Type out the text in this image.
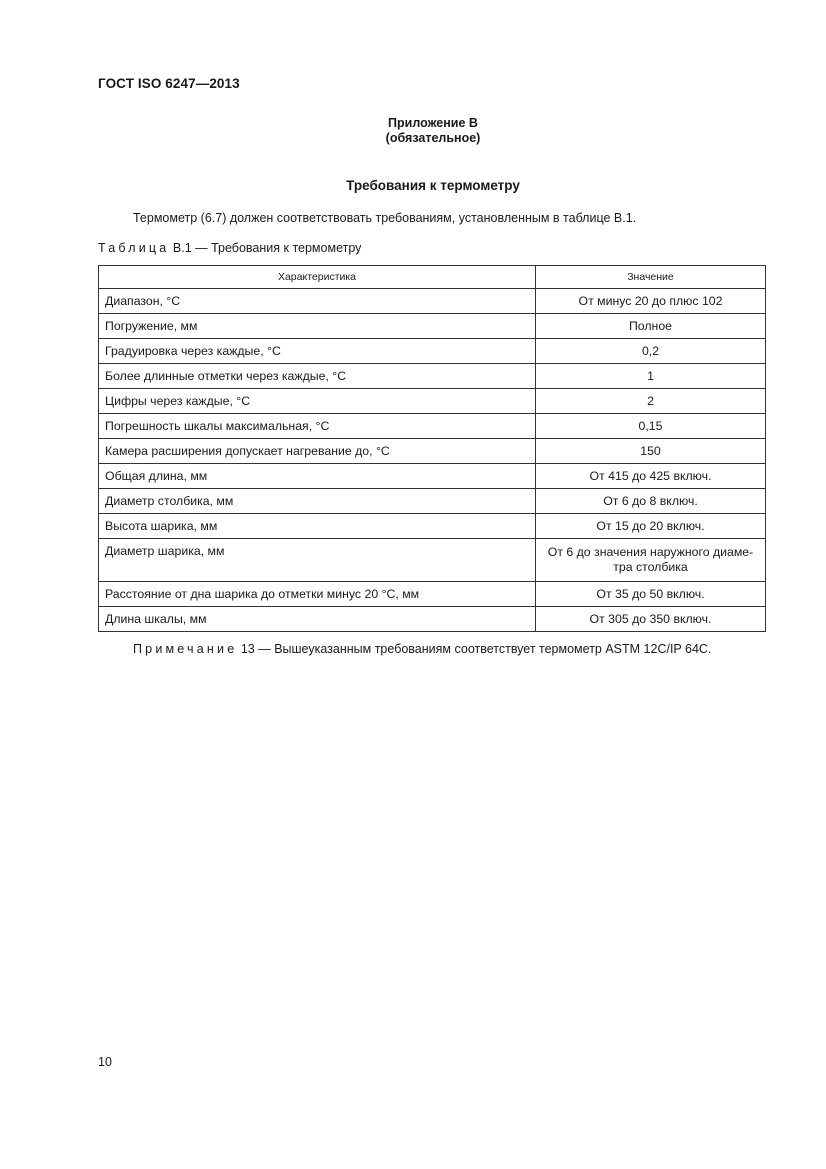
ГОСТ ISO 6247—2013
Приложение В
(обязательное)
Требования к термометру
Термометр (6.7) должен соответствовать требованиям, установленным в таблице В.1.
Таблица В.1 — Требования к термометру
Характеристика	Значение
Диапазон, °С	От минус 20 до плюс 102
Погружение, мм	Полное
Градуировка через каждые, °С	0,2
Более длинные отметки через каждые, °С	1
Цифры через каждые, °С	2
Погрешность шкалы максимальная, °С	0,15
Камера расширения допускает нагревание до, °С	150
Общая длина, мм	От 415 до 425 включ.
Диаметр столбика, мм	От 6 до 8 включ.
Высота шарика, мм	От 15 до 20 включ.
Диаметр шарика, мм	От 6 до значения наружного диаме-
тра столбика
Расстояние от дна шарика до отметки минус 20 °С, мм	От 35 до 50 включ.
Длина шкалы, мм	От 305 до 350 включ.
Примечание 13 — Вышеуказанным требованиям соответствует термометр ASTM 12C/IP 64C.
10
